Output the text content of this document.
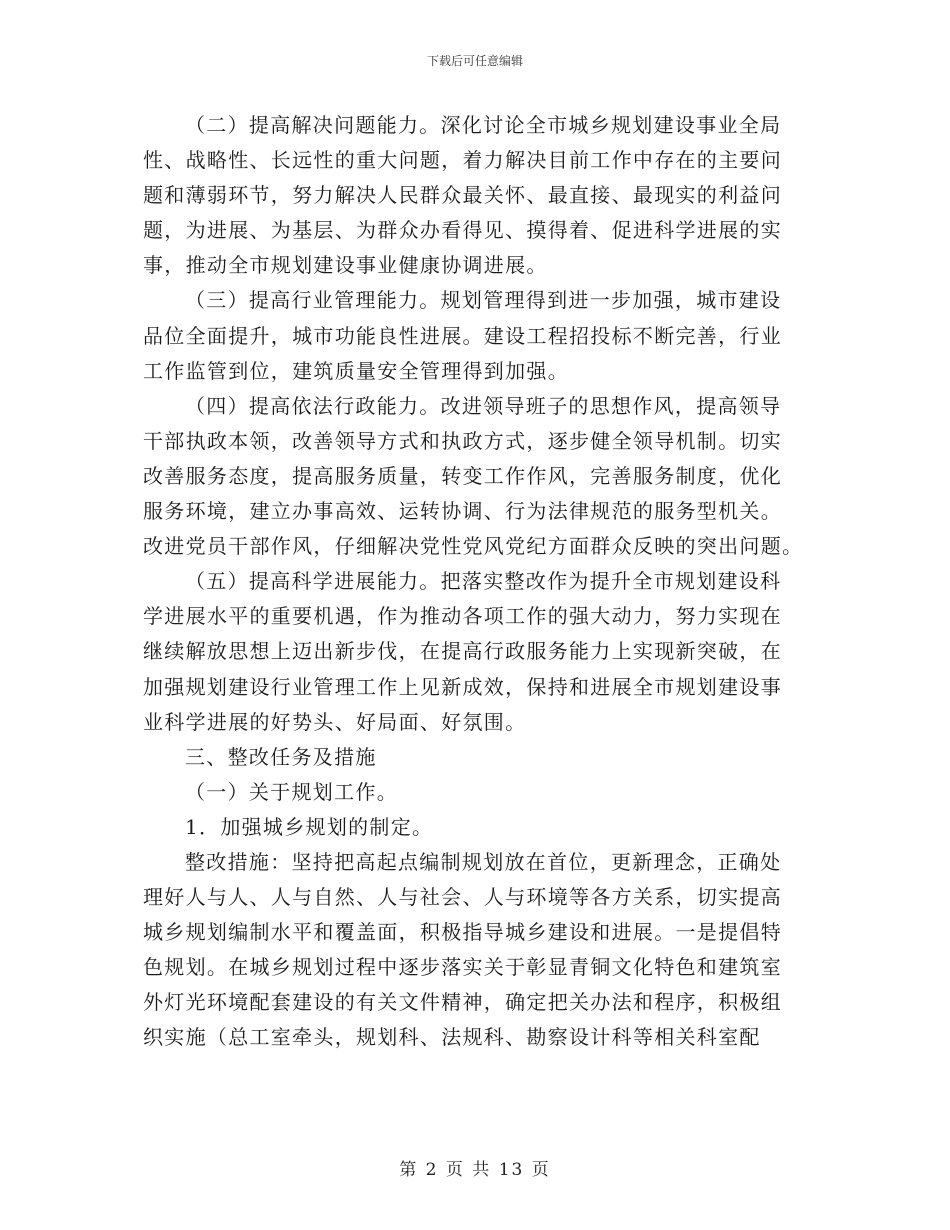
下载后可任意编辑
（二）提高解决问题能力。深化讨论全市城乡规划建设事业全局
性、战略性、长远性的重大问题，着力解决目前工作中存在的主要问
题和薄弱环节，努力解决人民群众最关怀、最直接、最现实的利益问
题，为进展、为基层、为群众办看得见、摸得着、促进科学进展的实
事，推动全市规划建设事业健康协调进展。
（三）提高行业管理能力。规划管理得到进一步加强，城市建设
品位全面提升，城市功能良性进展。建设工程招投标不断完善，行业
工作监管到位，建筑质量安全管理得到加强。
（四）提高依法行政能力。改进领导班子的思想作风，提高领导
干部执政本领，改善领导方式和执政方式，逐步健全领导机制。切实
改善服务态度，提高服务质量，转变工作作风，完善服务制度，优化
服务环境，建立办事高效、运转协调、行为法律规范的服务型机关。
改进党员干部作风，仔细解决党性党风党纪方面群众反映的突出问题。
（五）提高科学进展能力。把落实整改作为提升全市规划建设科
学进展水平的重要机遇，作为推动各项工作的强大动力，努力实现在
继续解放思想上迈出新步伐，在提高行政服务能力上实现新突破，在
加强规划建设行业管理工作上见新成效，保持和进展全市规划建设事
业科学进展的好势头、好局面、好氛围。
三、整改任务及措施
（一）关于规划工作。
1．加强城乡规划的制定。
整改措施：坚持把高起点编制规划放在首位，更新理念，正确处
理好人与人、人与自然、人与社会、人与环境等各方关系，切实提高
城乡规划编制水平和覆盖面，积极指导城乡建设和进展。一是提倡特
色规划。在城乡规划过程中逐步落实关于彰显青铜文化特色和建筑室
外灯光环境配套建设的有关文件精神，确定把关办法和程序，积极组
织实施（总工室牵头，规划科、法规科、勘察设计科等相关科室配
第 2 页 共 13 页
